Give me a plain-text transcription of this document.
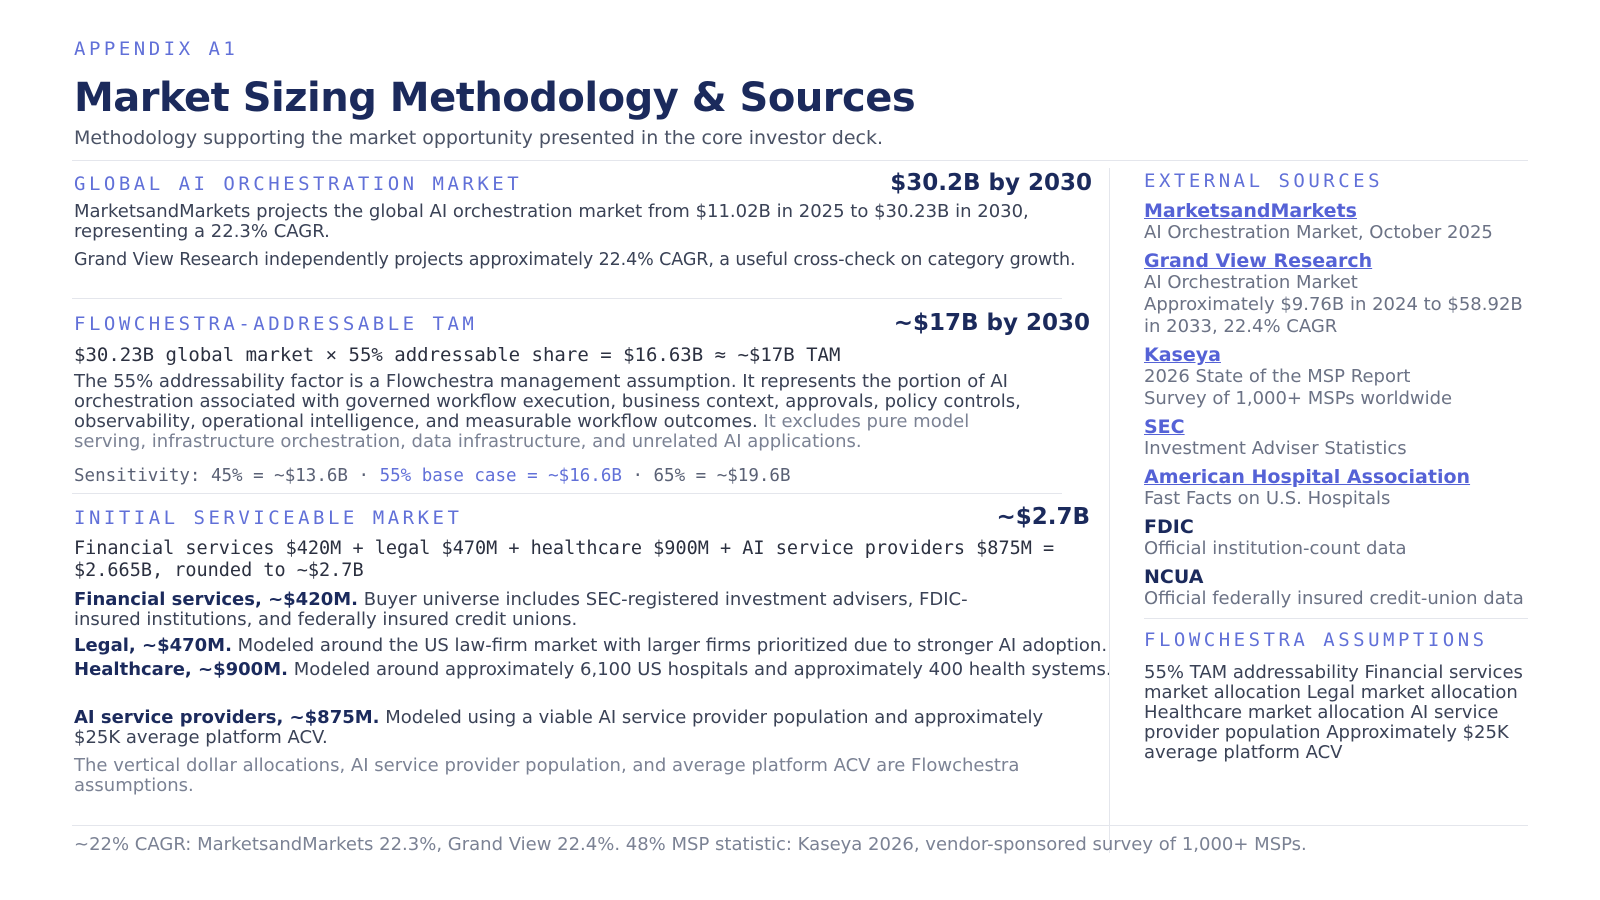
APPENDIX A1

Market Sizing Methodology & Sources

Methodology supporting the market opportunity presented in the core investor deck.

GLOBAL AI ORCHESTRATION MARKET	$30.2B by 2030

MarketsandMarkets projects the global AI orchestration market from $11.02B in 2025 to $30.23B in 2030, representing a 22.3% CAGR.

Grand View Research independently projects approximately 22.4% CAGR, a useful cross-check on category growth.

FLOWCHESTRA-ADDRESSABLE TAM	~$17B by 2030

$30.23B global market × 55% addressable share = $16.63B ≈ ~$17B TAM

The 55% addressability factor is a Flowchestra management assumption. It represents the portion of AI orchestration associated with governed workflow execution, business context, approvals, policy controls, observability, operational intelligence, and measurable workflow outcomes. It excludes pure model serving, infrastructure orchestration, data infrastructure, and unrelated AI applications.

Sensitivity: 45% = ~$13.6B · 55% base case = ~$16.6B · 65% = ~$19.6B

INITIAL SERVICEABLE MARKET	~$2.7B

Financial services $420M + legal $470M + healthcare $900M + AI service providers $875M = $2.665B, rounded to ~$2.7B

Financial services, ~$420M. Buyer universe includes SEC-registered investment advisers, FDIC-insured institutions, and federally insured credit unions.

Legal, ~$470M. Modeled around the US law-firm market with larger firms prioritized due to stronger AI adoption.

Healthcare, ~$900M. Modeled around approximately 6,100 US hospitals and approximately 400 health systems.

AI service providers, ~$875M. Modeled using a viable AI service provider population and approximately $25K average platform ACV.

The vertical dollar allocations, AI service provider population, and average platform ACV are Flowchestra assumptions.

EXTERNAL SOURCES
MarketsandMarkets
AI Orchestration Market, October 2025
Grand View Research
AI Orchestration Market
Approximately $9.76B in 2024 to $58.92B in 2033, 22.4% CAGR
Kaseya
2026 State of the MSP Report
Survey of 1,000+ MSPs worldwide
SEC
Investment Adviser Statistics
American Hospital Association
Fast Facts on U.S. Hospitals
FDIC
Official institution-count data
NCUA
Official federally insured credit-union data
FLOWCHESTRA ASSUMPTIONS

55% TAM addressability Financial services market allocation Legal market allocation Healthcare market allocation AI service provider population Approximately $25K average platform ACV

~22% CAGR: MarketsandMarkets 22.3%, Grand View 22.4%. 48% MSP statistic: Kaseya 2026, vendor-sponsored survey of 1,000+ MSPs.
